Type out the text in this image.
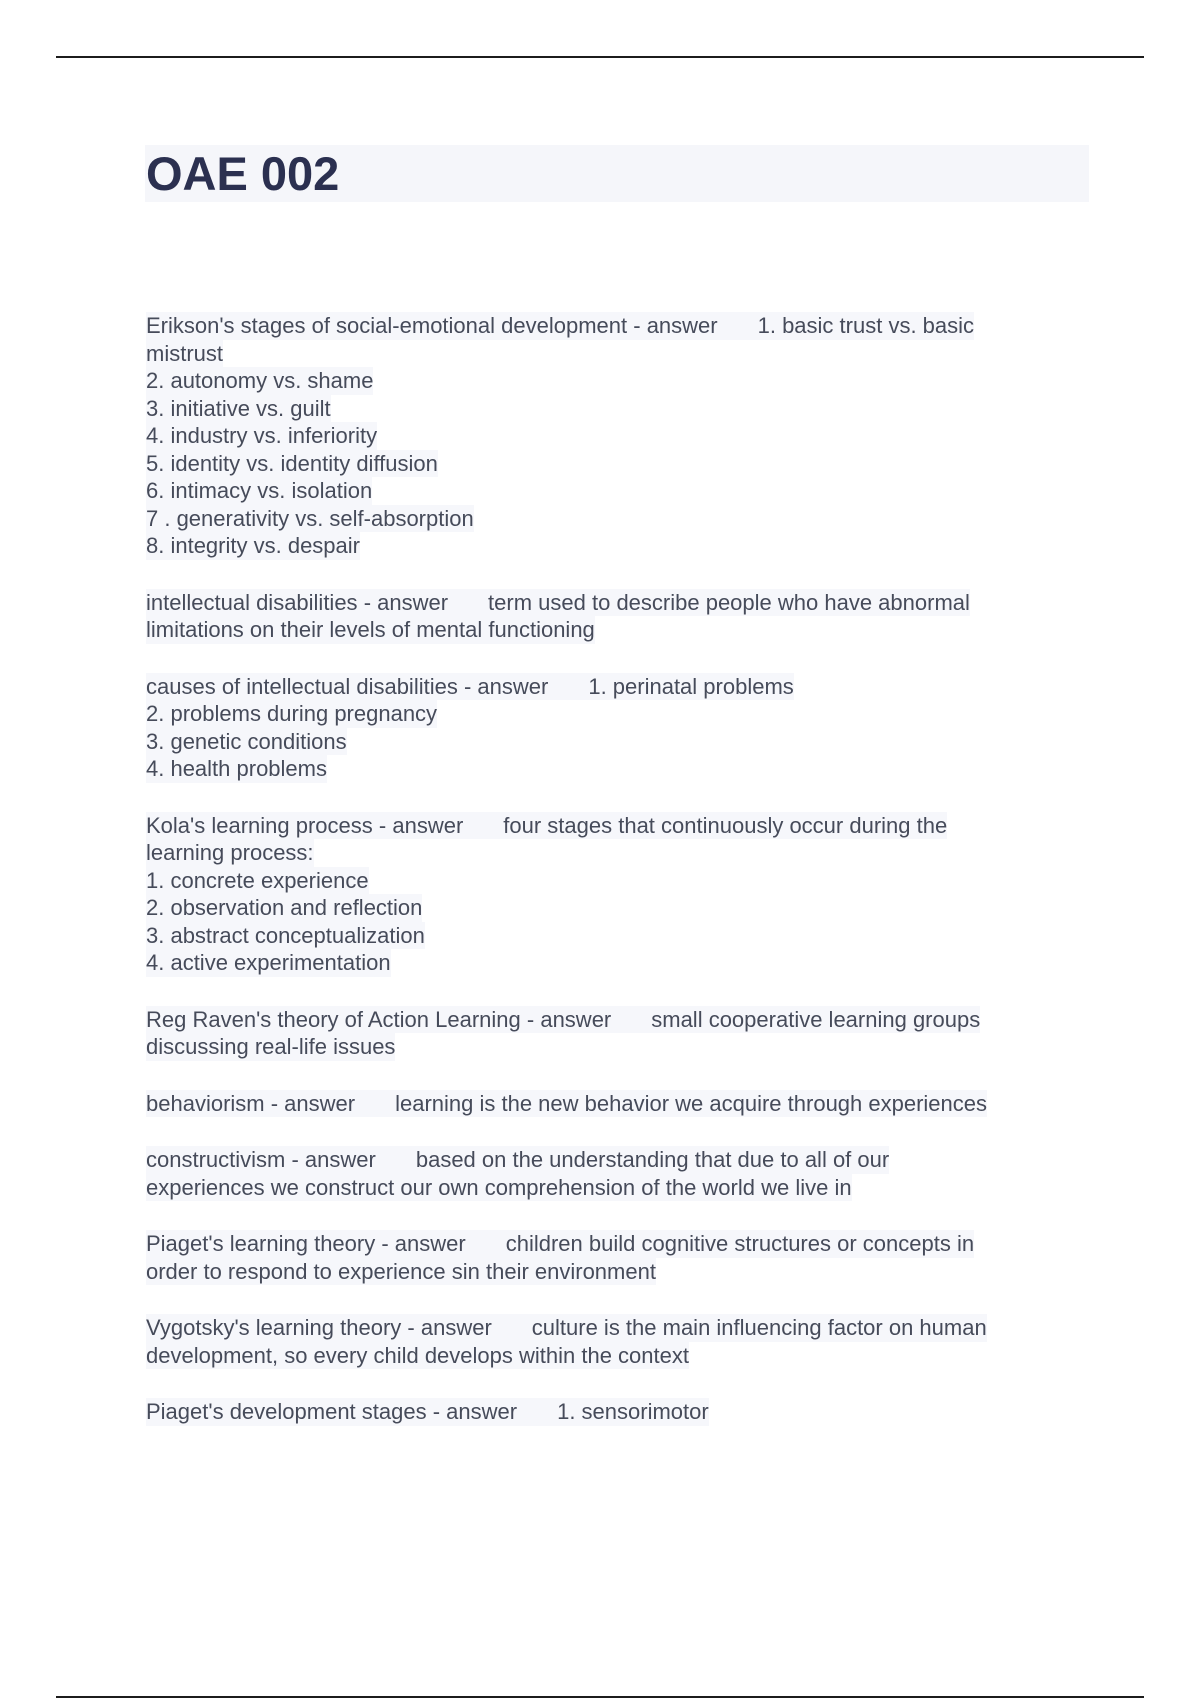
OAE 002
Erikson's stages of social-emotional development - answer 1. basic trust vs. basic
mistrust
2. autonomy vs. shame
3. initiative vs. guilt
4. industry vs. inferiority
5. identity vs. identity diffusion
6. intimacy vs. isolation
7 . generativity vs. self-absorption
8. integrity vs. despair
intellectual disabilities - answer term used to describe people who have abnormal
limitations on their levels of mental functioning
causes of intellectual disabilities - answer 1. perinatal problems
2. problems during pregnancy
3. genetic conditions
4. health problems
Kola's learning process - answer four stages that continuously occur during the
learning process:
1. concrete experience
2. observation and reflection
3. abstract conceptualization
4. active experimentation
Reg Raven's theory of Action Learning - answer small cooperative learning groups
discussing real-life issues
behaviorism - answer learning is the new behavior we acquire through experiences
constructivism - answer based on the understanding that due to all of our
experiences we construct our own comprehension of the world we live in
Piaget's learning theory - answer children build cognitive structures or concepts in
order to respond to experience sin their environment
Vygotsky's learning theory - answer culture is the main influencing factor on human
development, so every child develops within the context
Piaget's development stages - answer 1. sensorimotor
